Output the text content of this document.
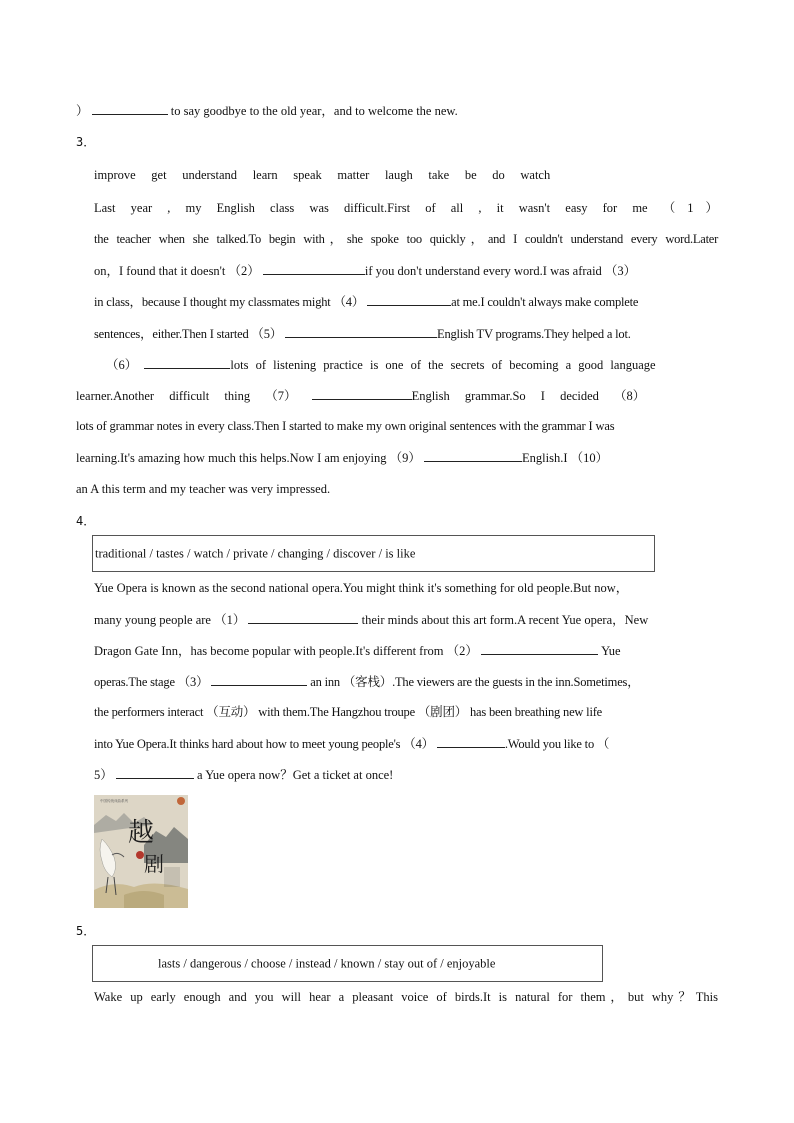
）	to say goodbye to the old year，and to welcome the new.
3．
improve get understand learn speak matter laugh take be do watch
Last year , my English class was difficult.First of all , it wasn't easy for me （1）
the teacher when she talked.To begin with，she spoke too quickly，and I couldn't understand every word.Later
on，I found that it doesn't （2）	if you don't understand every word.I was afraid （3）
in class，because I thought my classmates might （4）	at me.I couldn't always make complete
sentences，either.Then I started （5）	English TV programs.They helped a lot.
（6）	lots of listening practice is one of the secrets of becoming a good language
learner.Another difficult thing （7）	English grammar.So I decided （8）
lots of grammar notes in every class.Then I started to make my own original sentences with the grammar I was
learning.It's amazing how much this helps.Now I am enjoying （9）	English.I （10）
an A this term and my teacher was very impressed.
4．
traditional / tastes / watch / private / changing / discover / is like
Yue Opera is known as the second national opera.You might think it's something for old people.But now，
many young people are （1）	their minds about this art form.A recent Yue opera，New
Dragon Gate Inn，has become popular with people.It's different from （2）	Yue
operas.The stage （3）	an inn （客栈）.The viewers are the guests in the inn.Sometimes，
the performers interact （互动） with them.The Hangzhou troupe （剧团） has been breathing new life
into Yue Opera.It thinks hard about how to meet young people's （4）	.Would you like to （
5）	a Yue opera now？Get a ticket at once!
越
剧
中国传统戏曲系列
5．
lasts / dangerous / choose / instead / known / stay out of / enjoyable
Wake up early enough and you will hear a pleasant voice of birds.It is natural for them，but why？This
